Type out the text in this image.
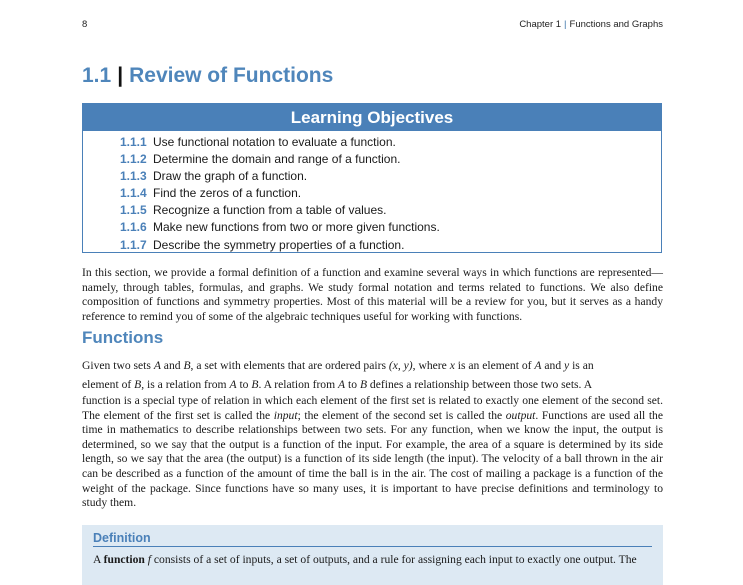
8	Chapter 1 | Functions and Graphs
1.1 | Review of Functions
Learning Objectives
1.1.1 Use functional notation to evaluate a function.
1.1.2 Determine the domain and range of a function.
1.1.3 Draw the graph of a function.
1.1.4 Find the zeros of a function.
1.1.5 Recognize a function from a table of values.
1.1.6 Make new functions from two or more given functions.
1.1.7 Describe the symmetry properties of a function.

In this section, we provide a formal definition of a function and examine several ways in which functions are represented—namely, through tables, formulas, and graphs. We study formal notation and terms related to functions. We also define composition of functions and symmetry properties. Most of this material will be a review for you, but it serves as a handy reference to remind you of some of the algebraic techniques useful for working with functions.

Functions
Given two sets A and B, a set with elements that are ordered pairs (x, y), where x is an element of A and y is an
element of B, is a relation from A to B. A relation from A to B defines a relationship between those two sets. A
function is a special type of relation in which each element of the first set is related to exactly one element of the second set. The element of the first set is called the input; the element of the second set is called the output. Functions are used all the time in mathematics to describe relationships between two sets. For any function, when we know the input, the output is determined, so we say that the output is a function of the input. For example, the area of a square is determined by its side length, so we say that the area (the output) is a function of its side length (the input). The velocity of a ball thrown in the air can be described as a function of the amount of time the ball is in the air. The cost of mailing a package is a function of the weight of the package. Since functions have so many uses, it is important to have precise definitions and terminology to study them.
Definition
A function f consists of a set of inputs, a set of outputs, and a rule for assigning each input to exactly one output. The
